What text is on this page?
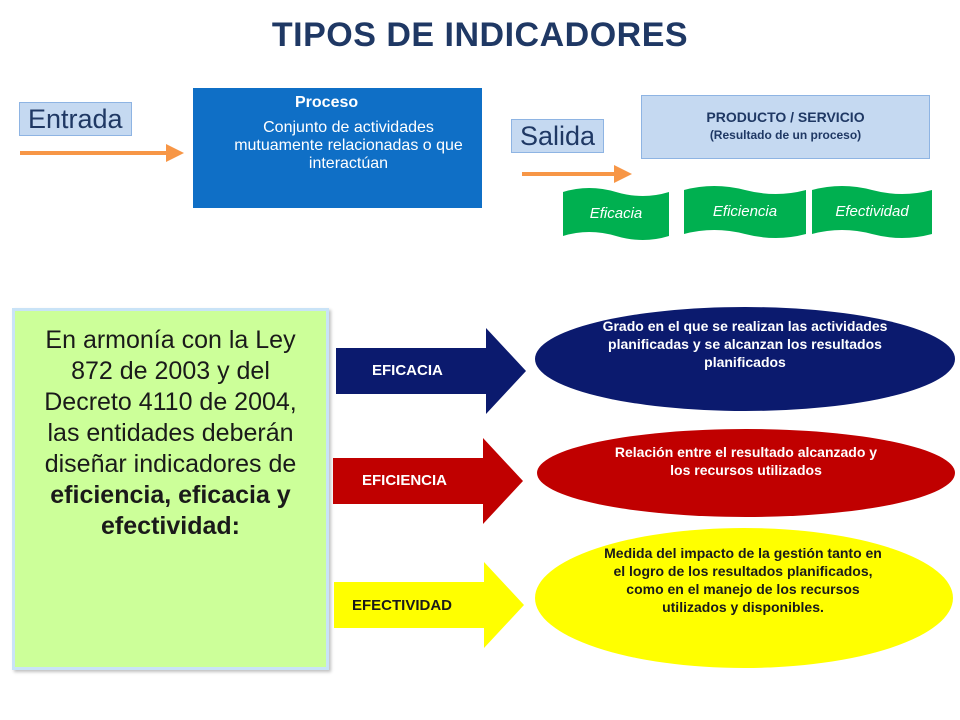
TIPOS DE INDICADORES
Entrada
Proceso
Conjunto de actividades mutuamente relacionadas o que interactúan
Salida
PRODUCTO / SERVICIO
(Resultado de un proceso)
Eficacia	Eficiencia	Efectividad
En armonía con la Ley 872 de 2003 y del Decreto 4110 de 2004, las entidades deberán diseñar indicadores de eficiencia, eficacia y efectividad:
EFICACIA
EFICIENCIA
EFECTIVIDAD
Grado en el que se realizan las actividades planificadas y se alcanzan los resultados planificados
Relación entre el resultado alcanzado y los recursos utilizados
Medida del impacto de la gestión tanto en el logro de los resultados planificados, como en el manejo de los recursos utilizados y disponibles.
